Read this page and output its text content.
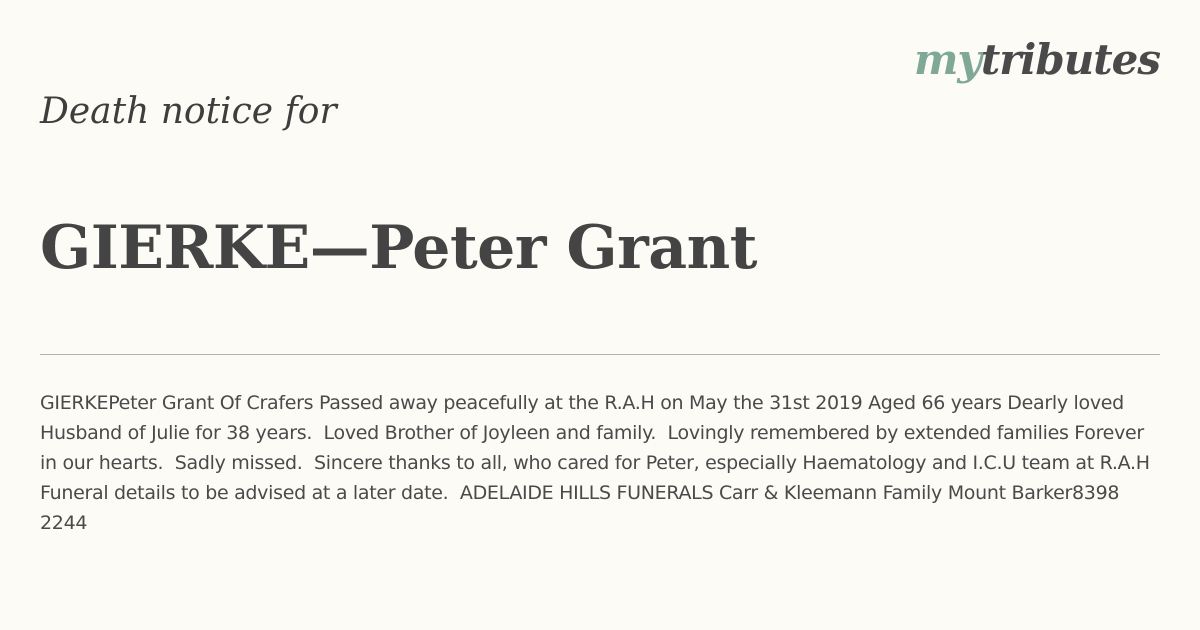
mytributes
Death notice for
GIERKE—Peter Grant

GIERKEPeter Grant Of Crafers Passed away peacefully at the R.A.H on May the 31st 2019 Aged 66 years Dearly loved Husband of Julie for 38 years.  Loved Brother of Joyleen and family.  Lovingly remembered by extended families Forever in our hearts.  Sadly missed.  Sincere thanks to all, who cared for Peter, especially Haematology and I.C.U team at R.A.H Funeral details to be advised at a later date.  ADELAIDE HILLS FUNERALS Carr & Kleemann Family Mount Barker8398 2244
